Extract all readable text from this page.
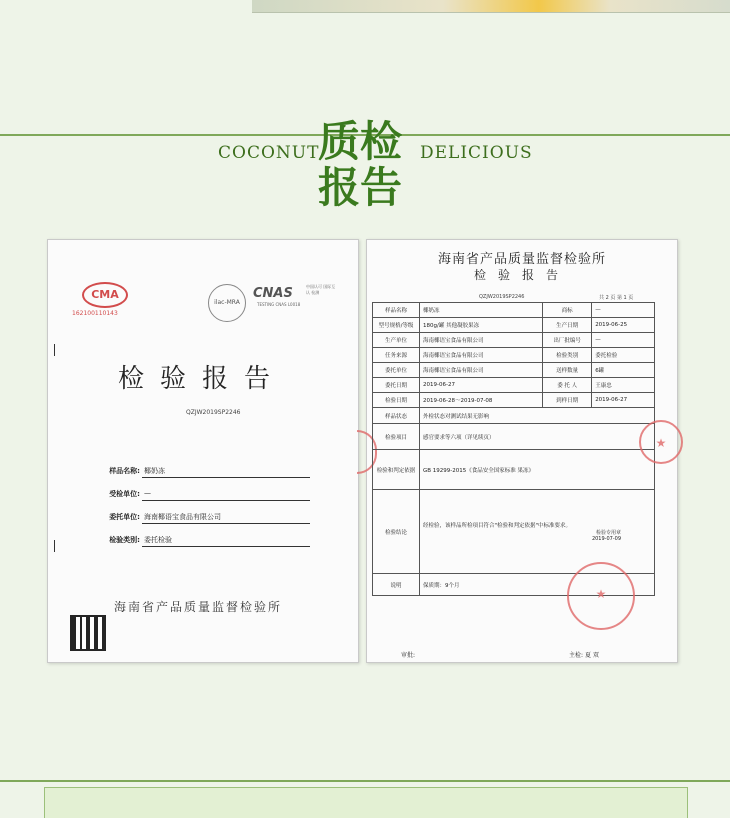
COCONUT
质检
报告
DELICIOUS
CMA
162100110143
ilac-MRA
CNAS
TESTING CNAS L0018
中国认可 国际互认 检测
检验报告
QZJW2019SP2246
样品名称: 椰奶冻
受检单位: —
委托单位: 海南椰语宝食品有限公司
检验类别: 委托检验
海南省产品质量监督检验所
海南省产品质量监督检验所
检验报告
QZJW2019SP2246	共 2 页 第 1 页
样品名称	椰奶冻	商标	—
型号规格/等级	180g/罐 其他凝胶果冻	生产日期	2019-06-25
生产单位	海南椰语宝食品有限公司	出厂批编号	—
任务来源	海南椰语宝食品有限公司	检验类别	委托检验
委托单位	海南椰语宝食品有限公司	送样数量	6罐
委托日期	2019-06-27	委 托 人	王康忠
检验日期	2019-06-28～2019-07-08	到样日期	2019-06-27
样品状态	外检状态对测试结果无影响		
检验项目	感官要求等六项（详见续页）		
检验和判定依据	GB 19299-2015《食品安全国家标准 果冻》		
检验结论	经检验，该样品所检项目符合"检验和判定依据"中标准要求。
检验专用章
2019-07-09		

说明	保质期：9个月		
★
★
审批:	主检: 夏 双
